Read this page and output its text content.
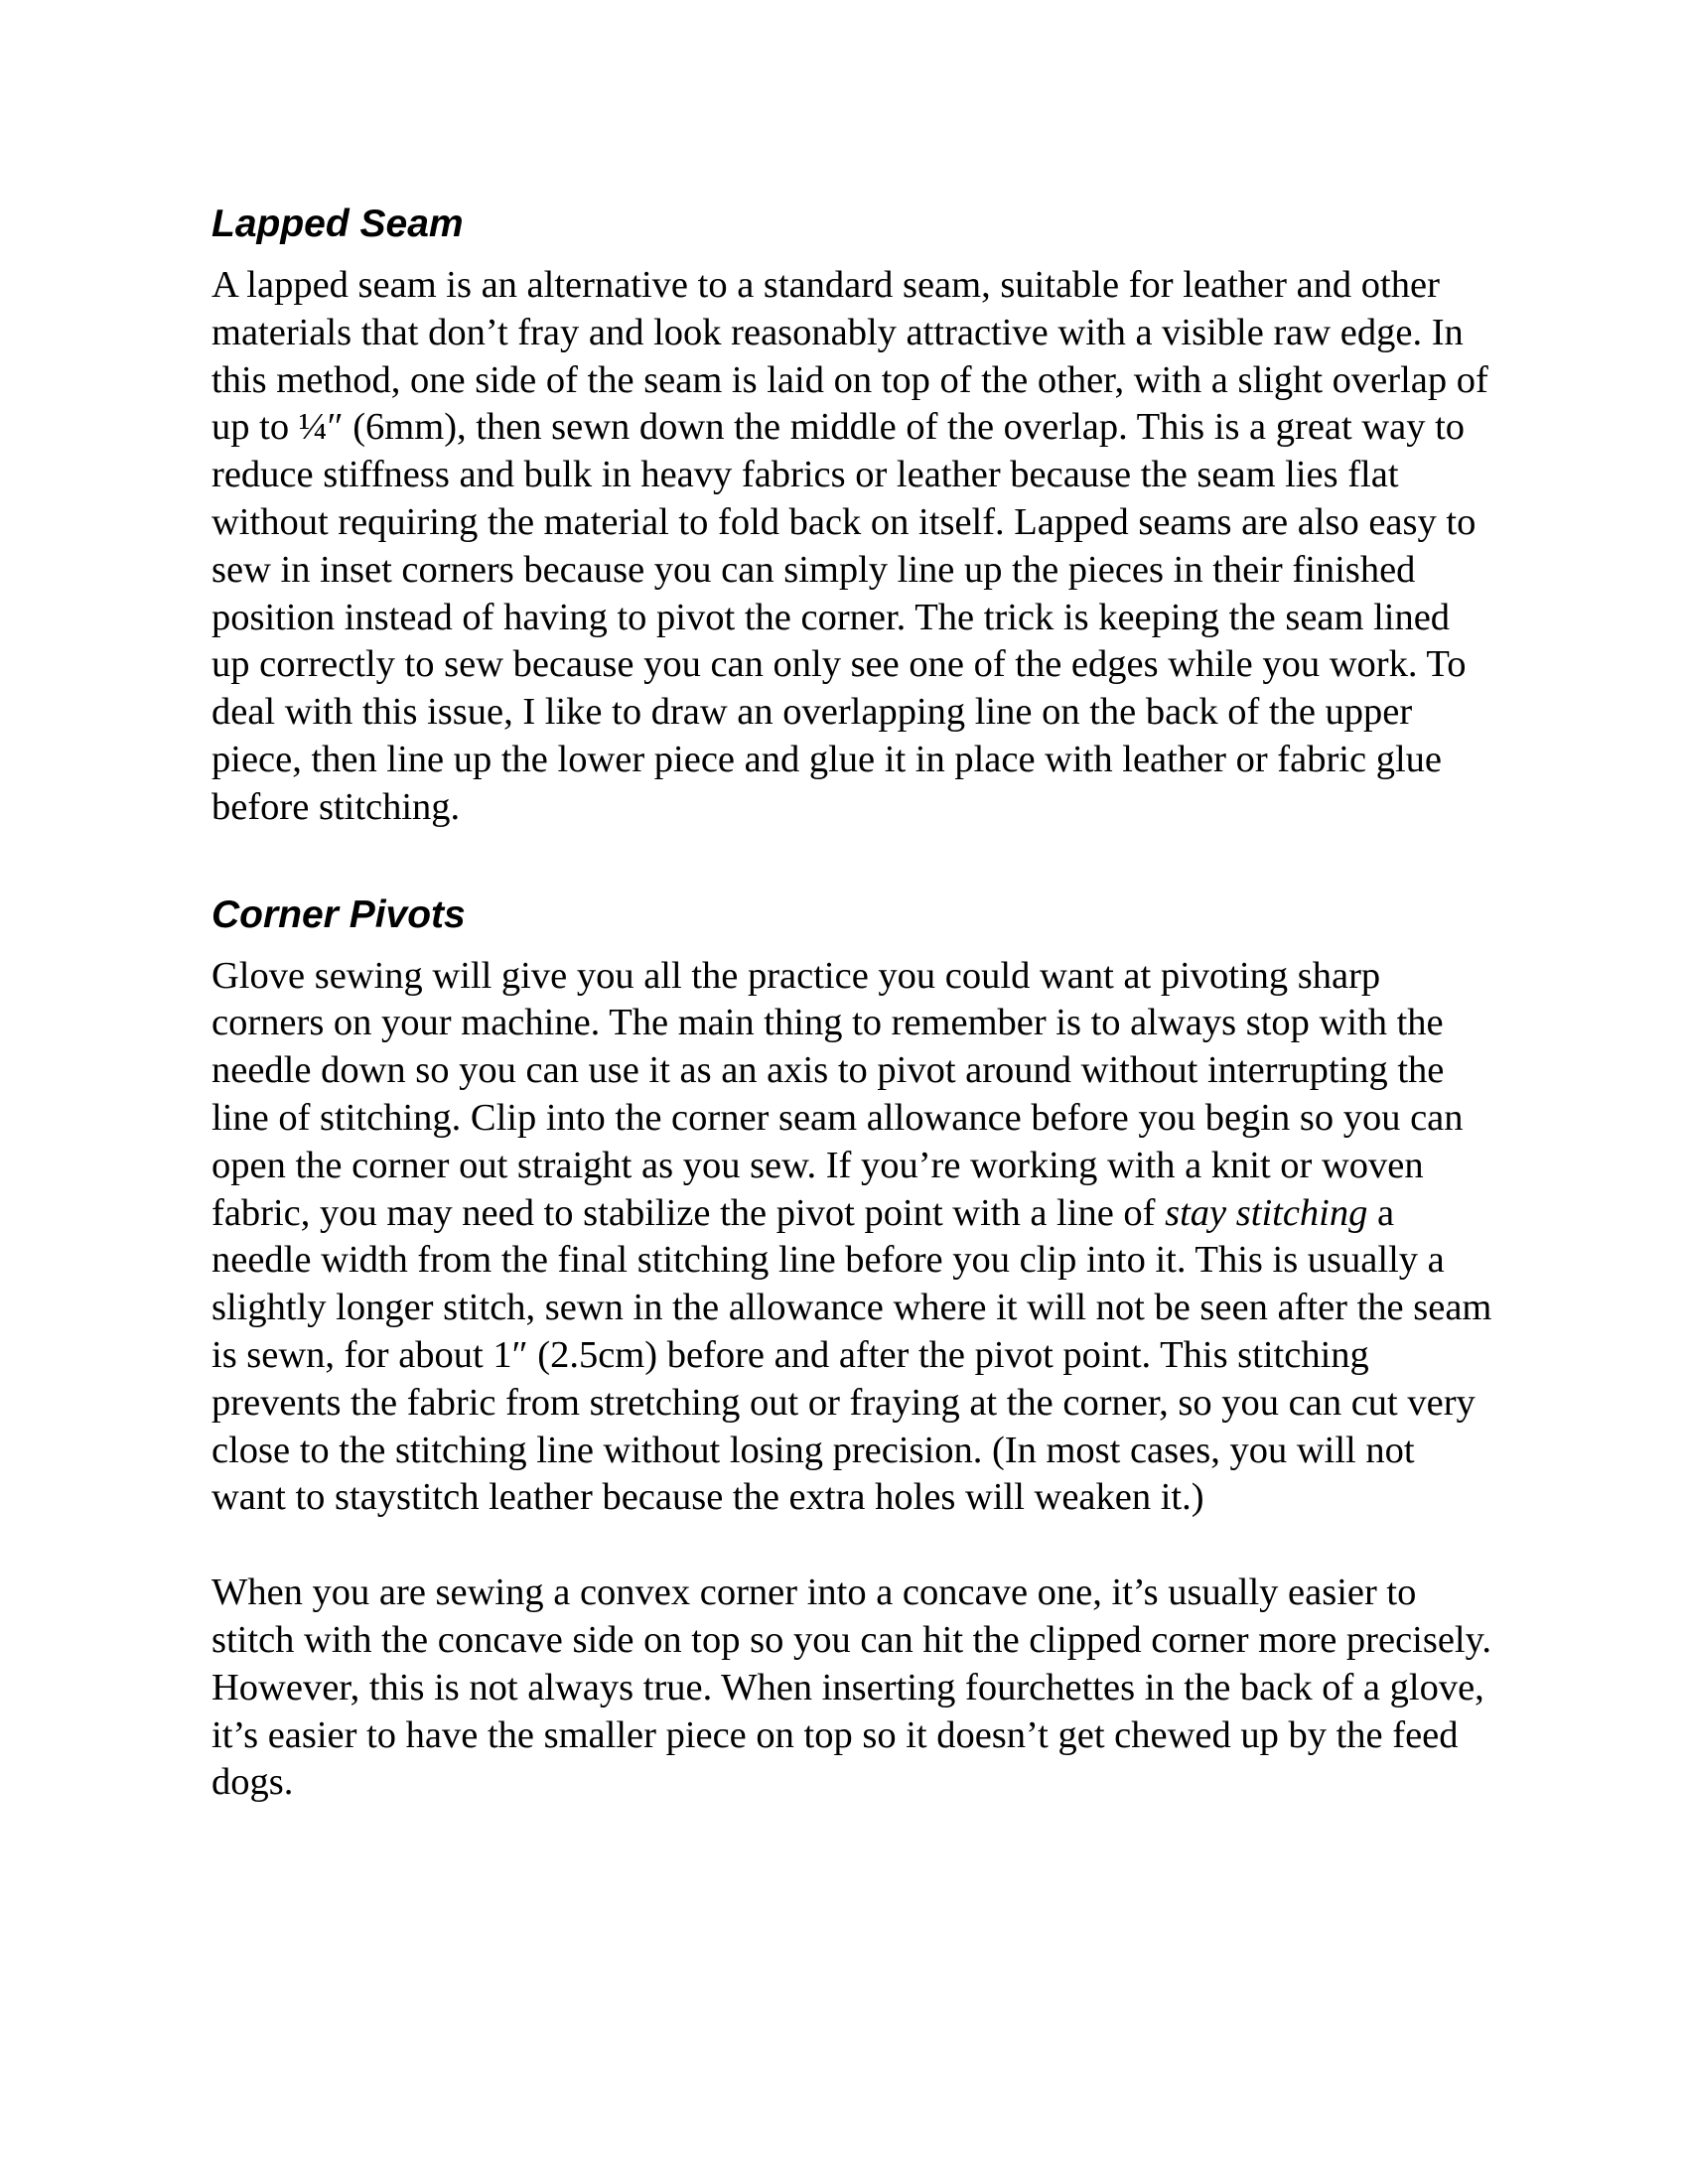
Lapped Seam

A lapped seam is an alternative to a standard seam, suitable for leather and other materials that don’t fray and look reasonably attractive with a visible raw edge. In this method, one side of the seam is laid on top of the other, with a slight overlap of up to ¼″ (6mm), then sewn down the middle of the overlap. This is a great way to reduce stiffness and bulk in heavy fabrics or leather because the seam lies flat without requiring the material to fold back on itself. Lapped seams are also easy to sew in inset corners because you can simply line up the pieces in their finished position instead of having to pivot the corner. The trick is keeping the seam lined up correctly to sew because you can only see one of the edges while you work. To deal with this issue, I like to draw an overlapping line on the back of the upper piece, then line up the lower piece and glue it in place with leather or fabric glue before stitching.

Corner Pivots

Glove sewing will give you all the practice you could want at pivoting sharp corners on your machine. The main thing to remember is to always stop with the needle down so you can use it as an axis to pivot around without interrupting the line of stitching. Clip into the corner seam allowance before you begin so you can open the corner out straight as you sew. If you’re working with a knit or woven fabric, you may need to stabilize the pivot point with a line of stay stitching a needle width from the final stitching line before you clip into it. This is usually a slightly longer stitch, sewn in the allowance where it will not be seen after the seam is sewn, for about 1″ (2.5cm) before and after the pivot point. This stitching prevents the fabric from stretching out or fraying at the corner, so you can cut very close to the stitching line without losing precision. (In most cases, you will not want to staystitch leather because the extra holes will weaken it.)

When you are sewing a convex corner into a concave one, it’s usually easier to stitch with the concave side on top so you can hit the clipped corner more precisely. However, this is not always true. When inserting fourchettes in the back of a glove, it’s easier to have the smaller piece on top so it doesn’t get chewed up by the feed dogs.
